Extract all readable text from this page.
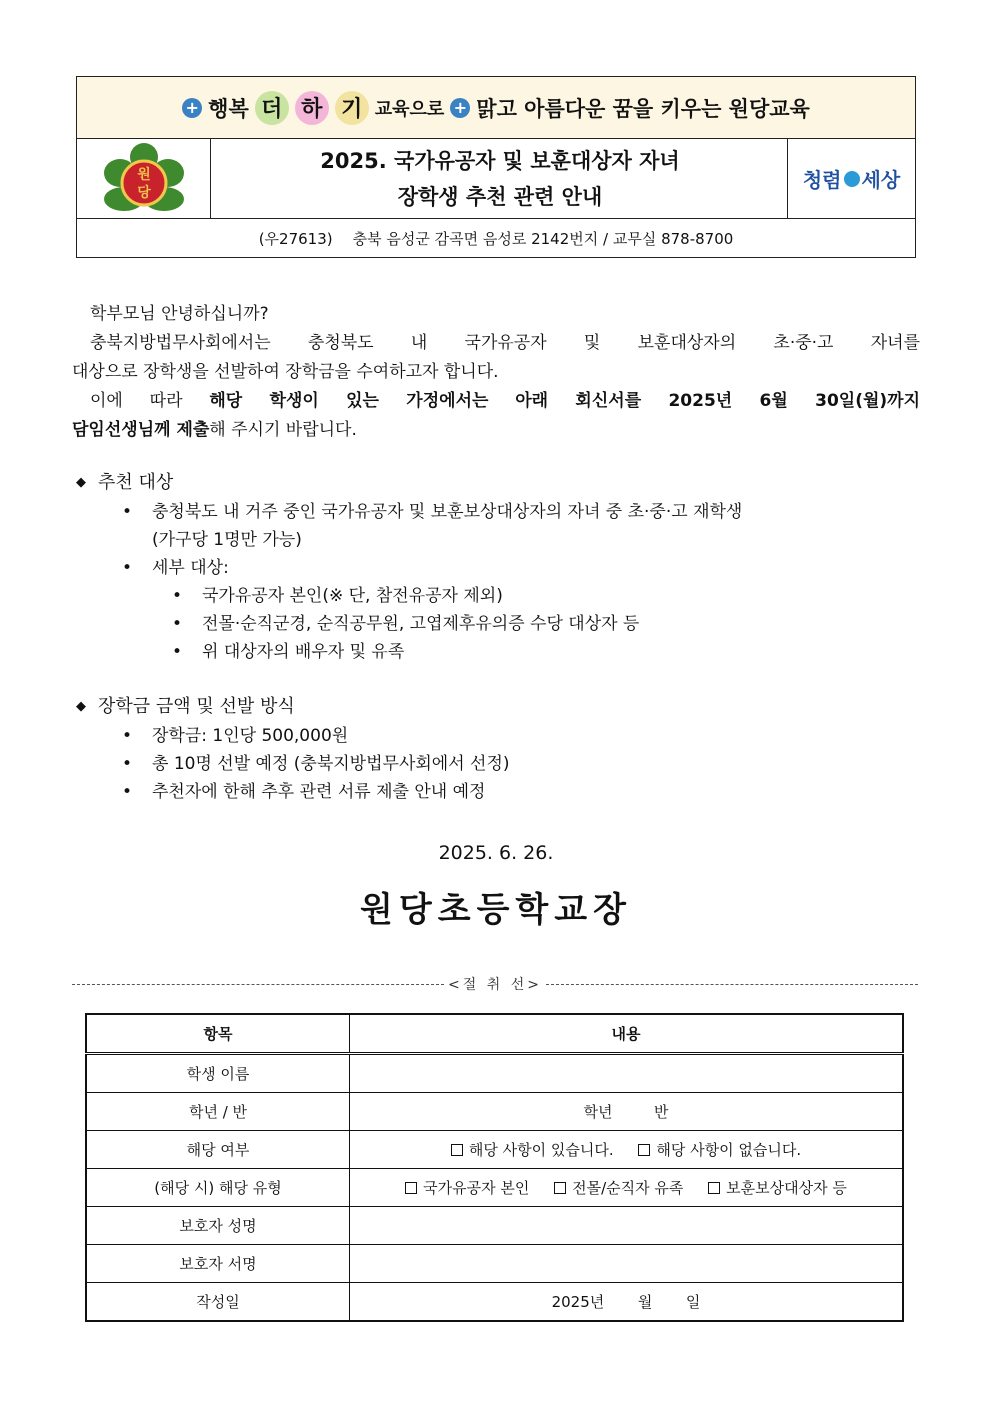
+ 행복 더 하 기 교육으로 + 맑고 아름다운 꿈을 키우는 원당교육
원
당
2025. 국가유공자 및 보훈대상자 자녀
장학생 추천 관련 안내
청렴 세상
(우27613) 충북 음성군 감곡면 음성로 2142번지 / 교무실 878-8700
학부모님 안녕하십니까?
충북지방법무사회에서는 충청북도 내 국가유공자 및 보훈대상자의 초·중·고 자녀를
대상으로 장학생을 선발하여 장학금을 수여하고자 합니다.
이에 따라 해당 학생이 있는 가정에서는 아래 회신서를 2025년 6월 30일(월)까지
담임선생님께 제출해 주시기 바랍니다.
◆ 추천 대상
• 충청북도 내 거주 중인 국가유공자 및 보훈보상대상자의 자녀 중 초·중·고 재학생
(가구당 1명만 가능)
• 세부 대상:
• 국가유공자 본인(※ 단, 참전유공자 제외)
• 전몰·순직군경, 순직공무원, 고엽제후유의증 수당 대상자 등
• 위 대상자의 배우자 및 유족
◆ 장학금 금액 및 선발 방식
• 장학금: 1인당 500,000원
• 총 10명 선발 예정 (충북지방법무사회에서 선정)
• 추천자에 한해 추후 관련 서류 제출 안내 예정
2025. 6. 26.
원당초등학교장
<절 취 선>
항목	내용
학생 이름	
학년 / 반	학년 반
해당 여부	해당 사항이 있습니다. 해당 사항이 없습니다.
(해당 시) 해당 유형	국가유공자 본인 전몰/순직자 유족 보훈보상대상자 등
보호자 성명	
보호자 서명	
작성일	2025년 월 일
